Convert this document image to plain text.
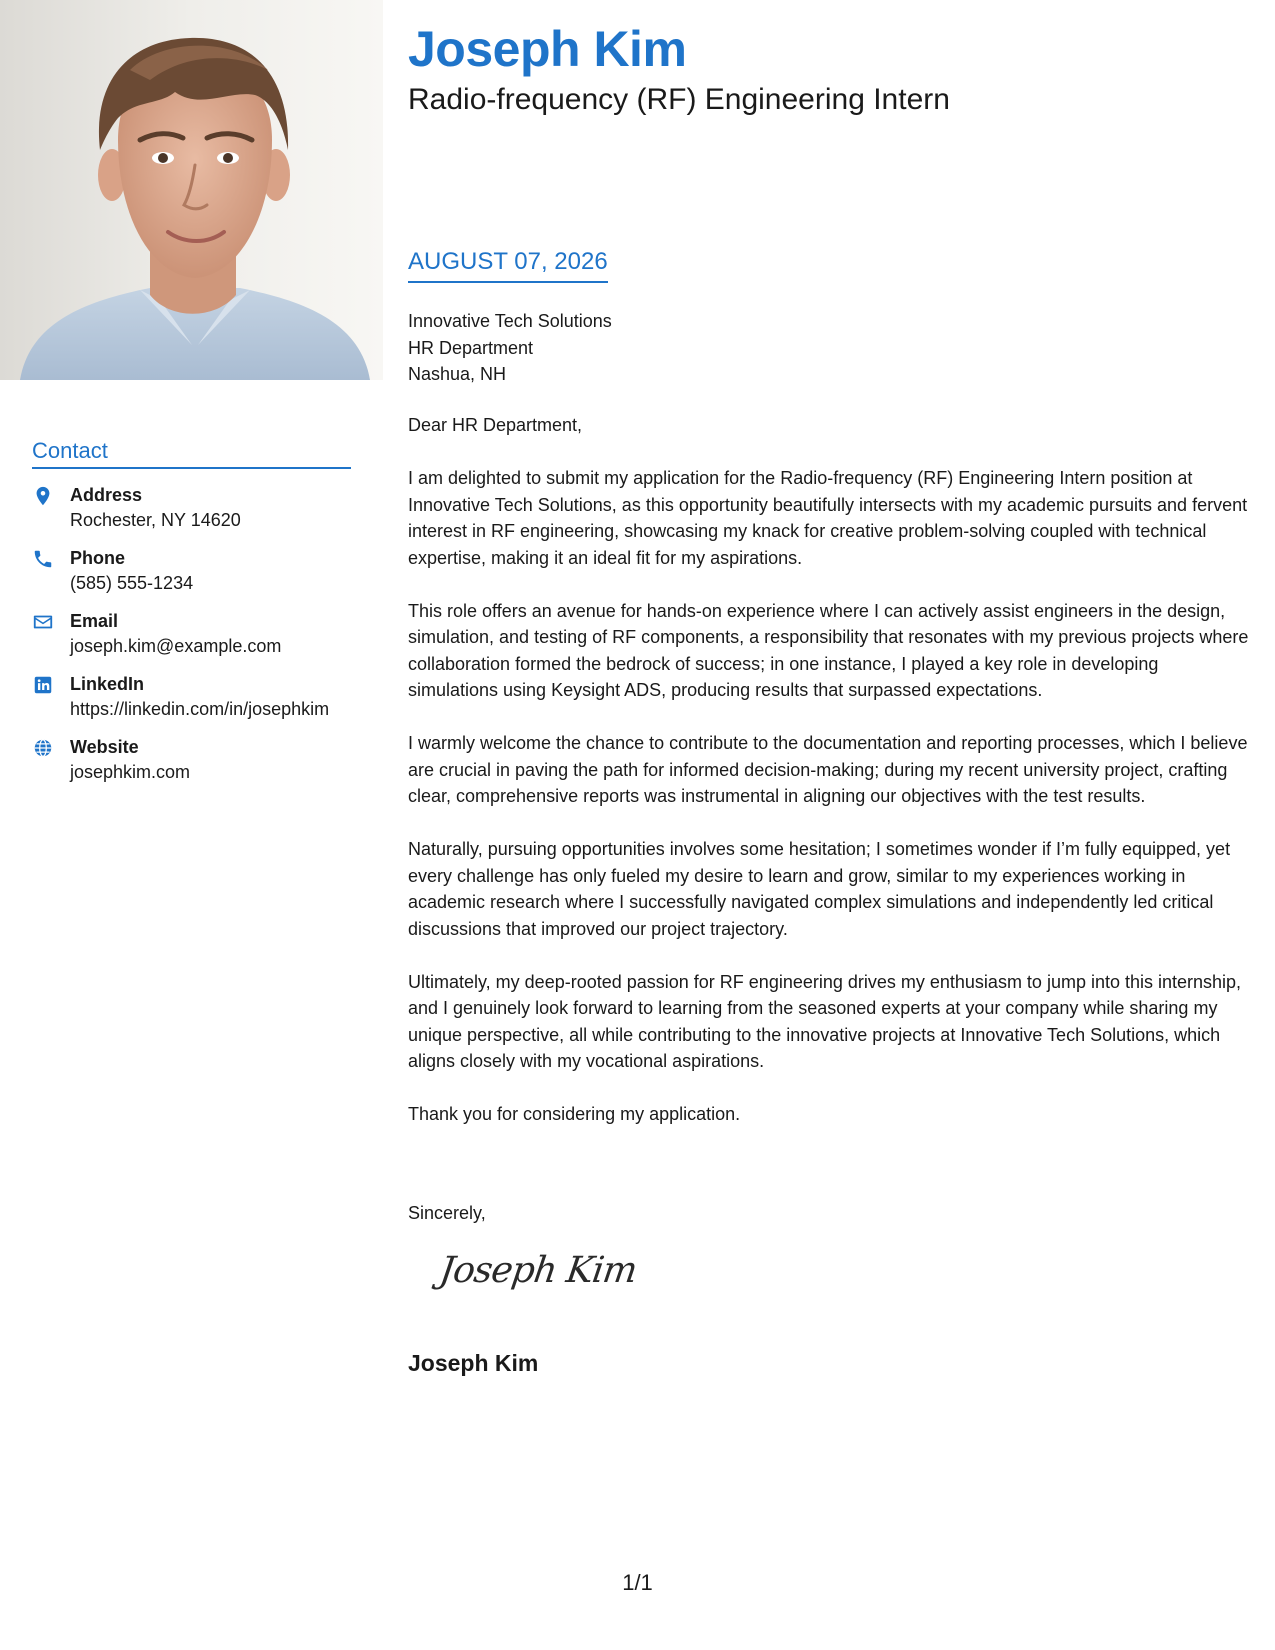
Contact
Address
Rochester, NY 14620
Phone
(585) 555-1234
Email
joseph.kim@example.com
LinkedIn
https://linkedin.com/in/josephkim
Website
josephkim.com
Joseph Kim
Radio-frequency (RF) Engineering Intern
AUGUST 07, 2026
Innovative Tech Solutions
HR Department
Nashua, NH

Dear HR Department,

I am delighted to submit my application for the Radio-frequency (RF) Engineering Intern position at Innovative Tech Solutions, as this opportunity beautifully intersects with my academic pursuits and fervent interest in RF engineering, showcasing my knack for creative problem-solving coupled with technical expertise, making it an ideal fit for my aspirations.

This role offers an avenue for hands-on experience where I can actively assist engineers in the design, simulation, and testing of RF components, a responsibility that resonates with my previous projects where collaboration formed the bedrock of success; in one instance, I played a key role in developing simulations using Keysight ADS, producing results that surpassed expectations.

I warmly welcome the chance to contribute to the documentation and reporting processes, which I believe are crucial in paving the path for informed decision-making; during my recent university project, crafting clear, comprehensive reports was instrumental in aligning our objectives with the test results.

Naturally, pursuing opportunities involves some hesitation; I sometimes wonder if I’m fully equipped, yet every challenge has only fueled my desire to learn and grow, similar to my experiences working in academic research where I successfully navigated complex simulations and independently led critical discussions that improved our project trajectory.

Ultimately, my deep-rooted passion for RF engineering drives my enthusiasm to jump into this internship, and I genuinely look forward to learning from the seasoned experts at your company while sharing my unique perspective, all while contributing to the innovative projects at Innovative Tech Solutions, which aligns closely with my vocational aspirations.

Thank you for considering my application.

Sincerely,
Joseph Kim
Joseph Kim
1/1
